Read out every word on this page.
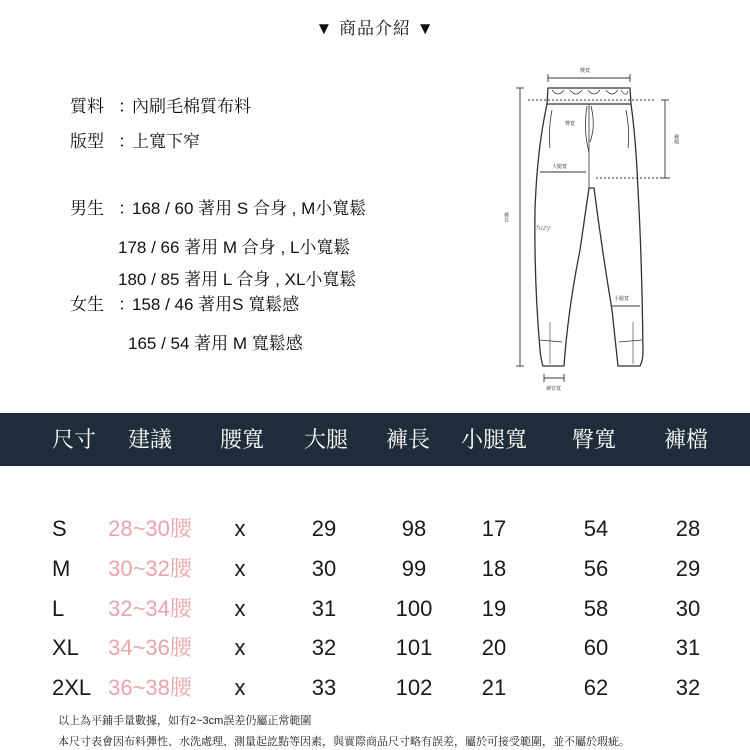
▼ 商品介紹 ▼
質料 ：內刷毛棉質布料
版型 ：上寬下窄
男生 ：168 / 60 著用 S 合身 , M小寬鬆
178 / 66 著用 M 合身 , L小寬鬆
180 / 85 著用 L 合身 , XL小寬鬆
女生 ：158 / 46 著用S 寬鬆感
165 / 54 著用 M 寬鬆感
腰寬
臀寬
大腿寬
小腿寬
褲管寬
褲長
褲檔
fuzy
尺寸 建議 腰寬 大腿 褲長 小腿寬 臀寬 褲檔
S 28~30腰 x	29	98	17	54	28
M 30~32腰 x	30	99	18	56	29
L 32~34腰 x	31	100 19	58	30
XL 34~36腰 x	32	101 20	60	31
2XL 36~38腰 x	33	102 21	62	32
以上為平鋪手量數據，如有2~3cm誤差仍屬正常範圍
本尺寸表會因布料彈性、水洗處理、測量起訖點等因素，與實際商品尺寸略有誤差，屬於可接受範圍，並不屬於瑕疵。
